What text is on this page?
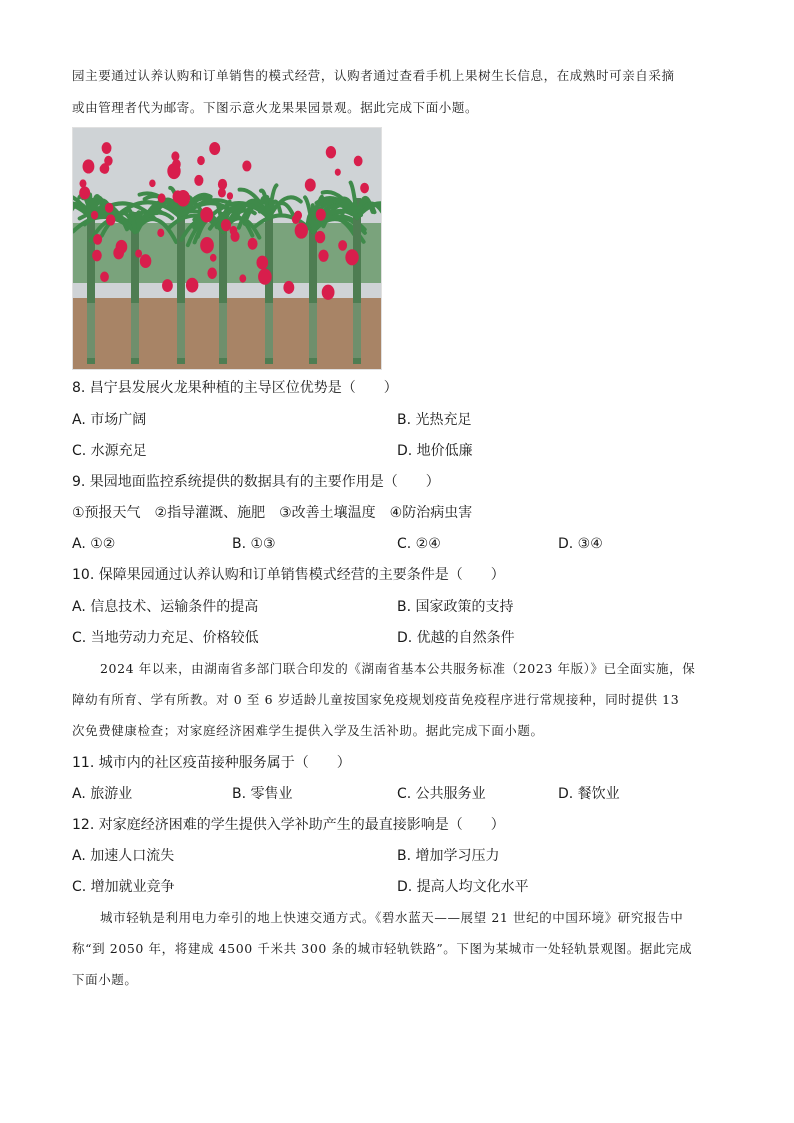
园主要通过认养认购和订单销售的模式经营，认购者通过查看手机上果树生长信息，在成熟时可亲自采摘
或由管理者代为邮寄。下图示意火龙果果园景观。据此完成下面小题。
8. 昌宁县发展火龙果种植的主导区位优势是（　　）
A. 市场广阔	B. 光热充足
C. 水源充足	D. 地价低廉
9. 果园地面监控系统提供的数据具有的主要作用是（　　）
①预报天气　②指导灌溉、施肥　③改善土壤温度　④防治病虫害
A. ①②	B. ①③	C. ②④	D. ③④
10. 保障果园通过认养认购和订单销售模式经营的主要条件是（　　）
A. 信息技术、运输条件的提高	B. 国家政策的支持
C. 当地劳动力充足、价格较低	D. 优越的自然条件
2024 年以来，由湖南省多部门联合印发的《湖南省基本公共服务标准（2023 年版）》已全面实施，保
障幼有所育、学有所教。对 0 至 6 岁适龄儿童按国家免疫规划疫苗免疫程序进行常规接种，同时提供 13
次免费健康检查；对家庭经济困难学生提供入学及生活补助。据此完成下面小题。
11. 城市内的社区疫苗接种服务属于（　　）
A. 旅游业	B. 零售业	C. 公共服务业	D. 餐饮业
12. 对家庭经济困难的学生提供入学补助产生的最直接影响是（　　）
A. 加速人口流失	B. 增加学习压力
C. 增加就业竞争	D. 提高人均文化水平
城市轻轨是利用电力牵引的地上快速交通方式。《碧水蓝天——展望 21 世纪的中国环境》研究报告中
称“到 2050 年，将建成 4500 千米共 300 条的城市轻轨铁路”。下图为某城市一处轻轨景观图。据此完成
下面小题。
